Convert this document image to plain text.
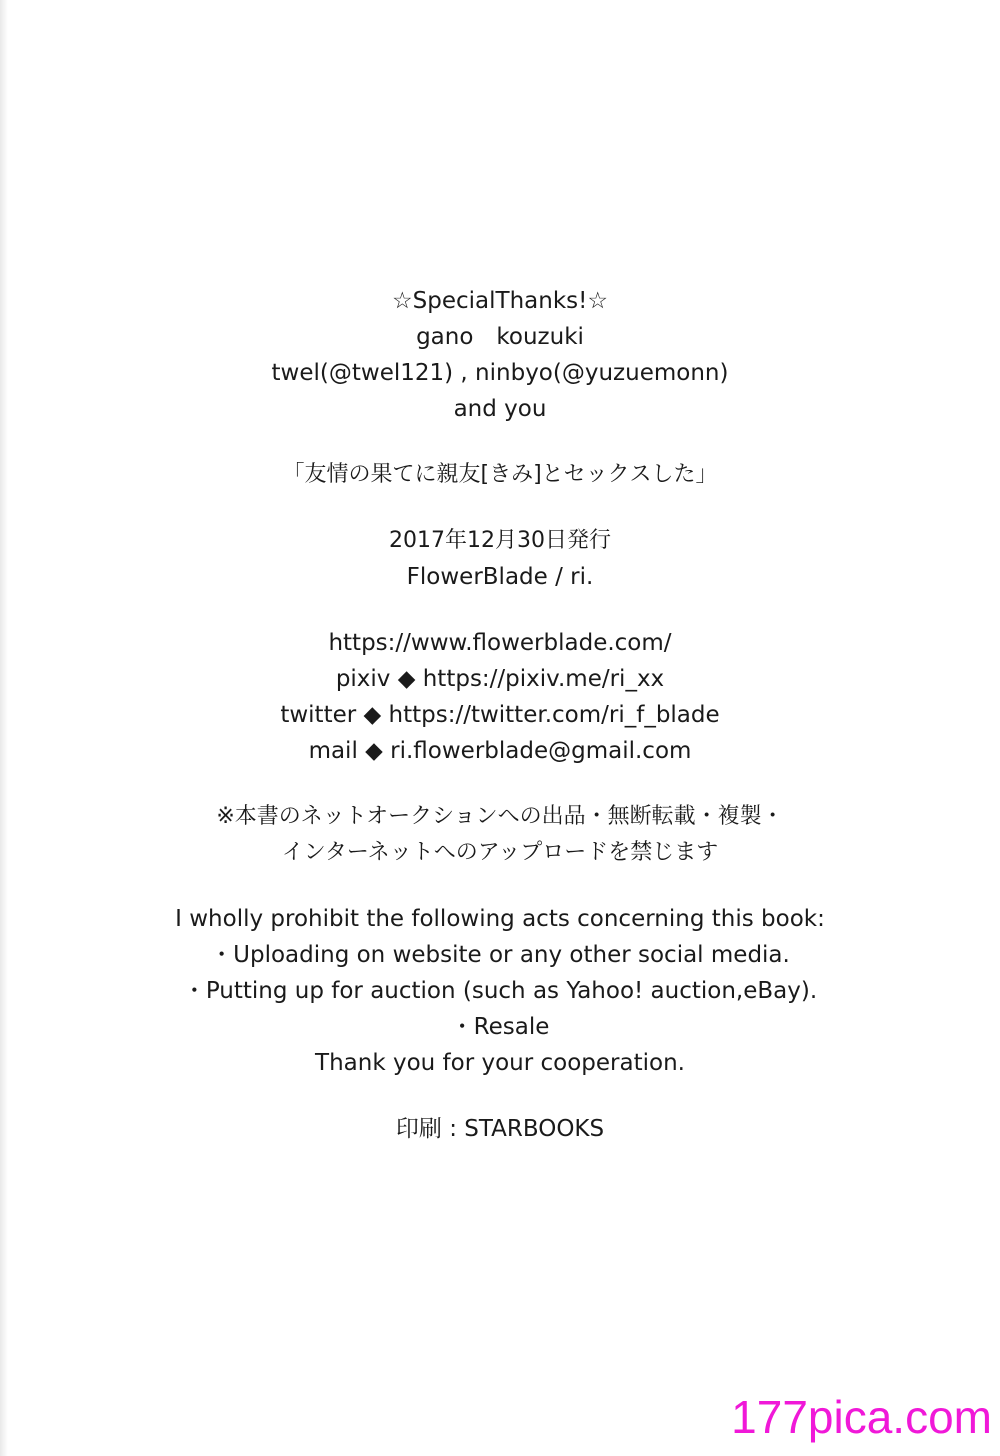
☆SpecialThanks!☆
gano　kouzuki
twel(@twel121) , ninbyo(@yuzuemonn)
and you
「友情の果てに親友[きみ]とセックスした」
2017年12月30日発行
FlowerBlade / ri.
https://www.flowerblade.com/
pixiv ◆ https://pixiv.me/ri_xx
twitter ◆ https://twitter.com/ri_f_blade
mail ◆ ri.flowerblade@gmail.com
※本書のネットオークションへの出品・無断転載・複製・
インターネットへのアップロードを禁じます
I wholly prohibit the following acts concerning this book:
・Uploading on website or any other social media.
・Putting up for auction (such as Yahoo! auction,eBay).
・Resale
Thank you for your cooperation.
印刷 : STARBOOKS
177pica.com
